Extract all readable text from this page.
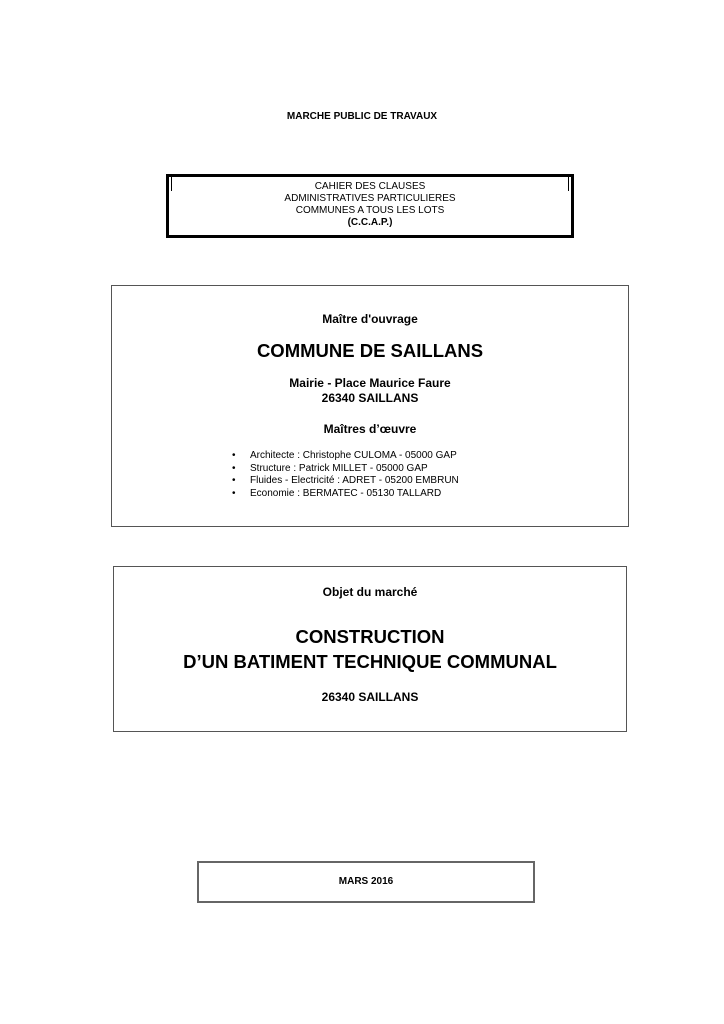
MARCHE PUBLIC DE TRAVAUX
CAHIER DES CLAUSES
ADMINISTRATIVES PARTICULIERES
COMMUNES A TOUS LES LOTS
(C.C.A.P.)
Maître d'ouvrage
COMMUNE DE SAILLANS
Mairie - Place Maurice Faure
26340 SAILLANS
Maîtres d’œuvre
• Architecte : Christophe CULOMA - 05000 GAP
• Structure : Patrick MILLET - 05000 GAP
• Fluides - Electricité : ADRET - 05200 EMBRUN
• Economie : BERMATEC - 05130 TALLARD
Objet du marché
CONSTRUCTION
D’UN BATIMENT TECHNIQUE COMMUNAL
26340 SAILLANS
MARS 2016
